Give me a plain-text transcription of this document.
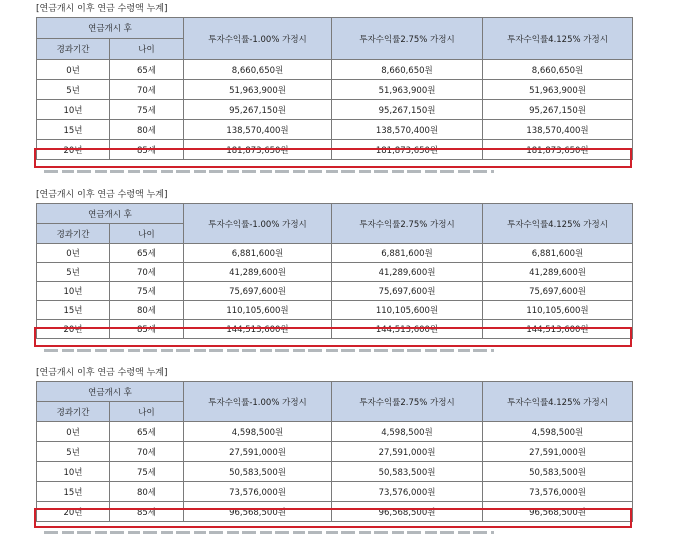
[연금개시 이후 연금 수령액 누계]
연금개시 후		투자수익률-1.00% 가정시	투자수익률2.75% 가정시	투자수익률4.125% 가정시
경과기간	나이			
0년	65세	8,660,650원	8,660,650원	8,660,650원
5년	70세	51,963,900원	51,963,900원	51,963,900원
10년	75세	95,267,150원	95,267,150원	95,267,150원
15년	80세	138,570,400원	138,570,400원	138,570,400원
20년	85세	181,873,650원	181,873,650원	181,873,650원
[연금개시 이후 연금 수령액 누계]
연금개시 후		투자수익률-1.00% 가정시	투자수익률2.75% 가정시	투자수익률4.125% 가정시
경과기간	나이			
0년	65세	6,881,600원	6,881,600원	6,881,600원
5년	70세	41,289,600원	41,289,600원	41,289,600원
10년	75세	75,697,600원	75,697,600원	75,697,600원
15년	80세	110,105,600원	110,105,600원	110,105,600원
20년	85세	144,513,600원	144,513,600원	144,513,600원
[연금개시 이후 연금 수령액 누계]
연금개시 후		투자수익률-1.00% 가정시	투자수익률2.75% 가정시	투자수익률4.125% 가정시
경과기간	나이			
0년	65세	4,598,500원	4,598,500원	4,598,500원
5년	70세	27,591,000원	27,591,000원	27,591,000원
10년	75세	50,583,500원	50,583,500원	50,583,500원
15년	80세	73,576,000원	73,576,000원	73,576,000원
20년	85세	96,568,500원	96,568,500원	96,568,500원
